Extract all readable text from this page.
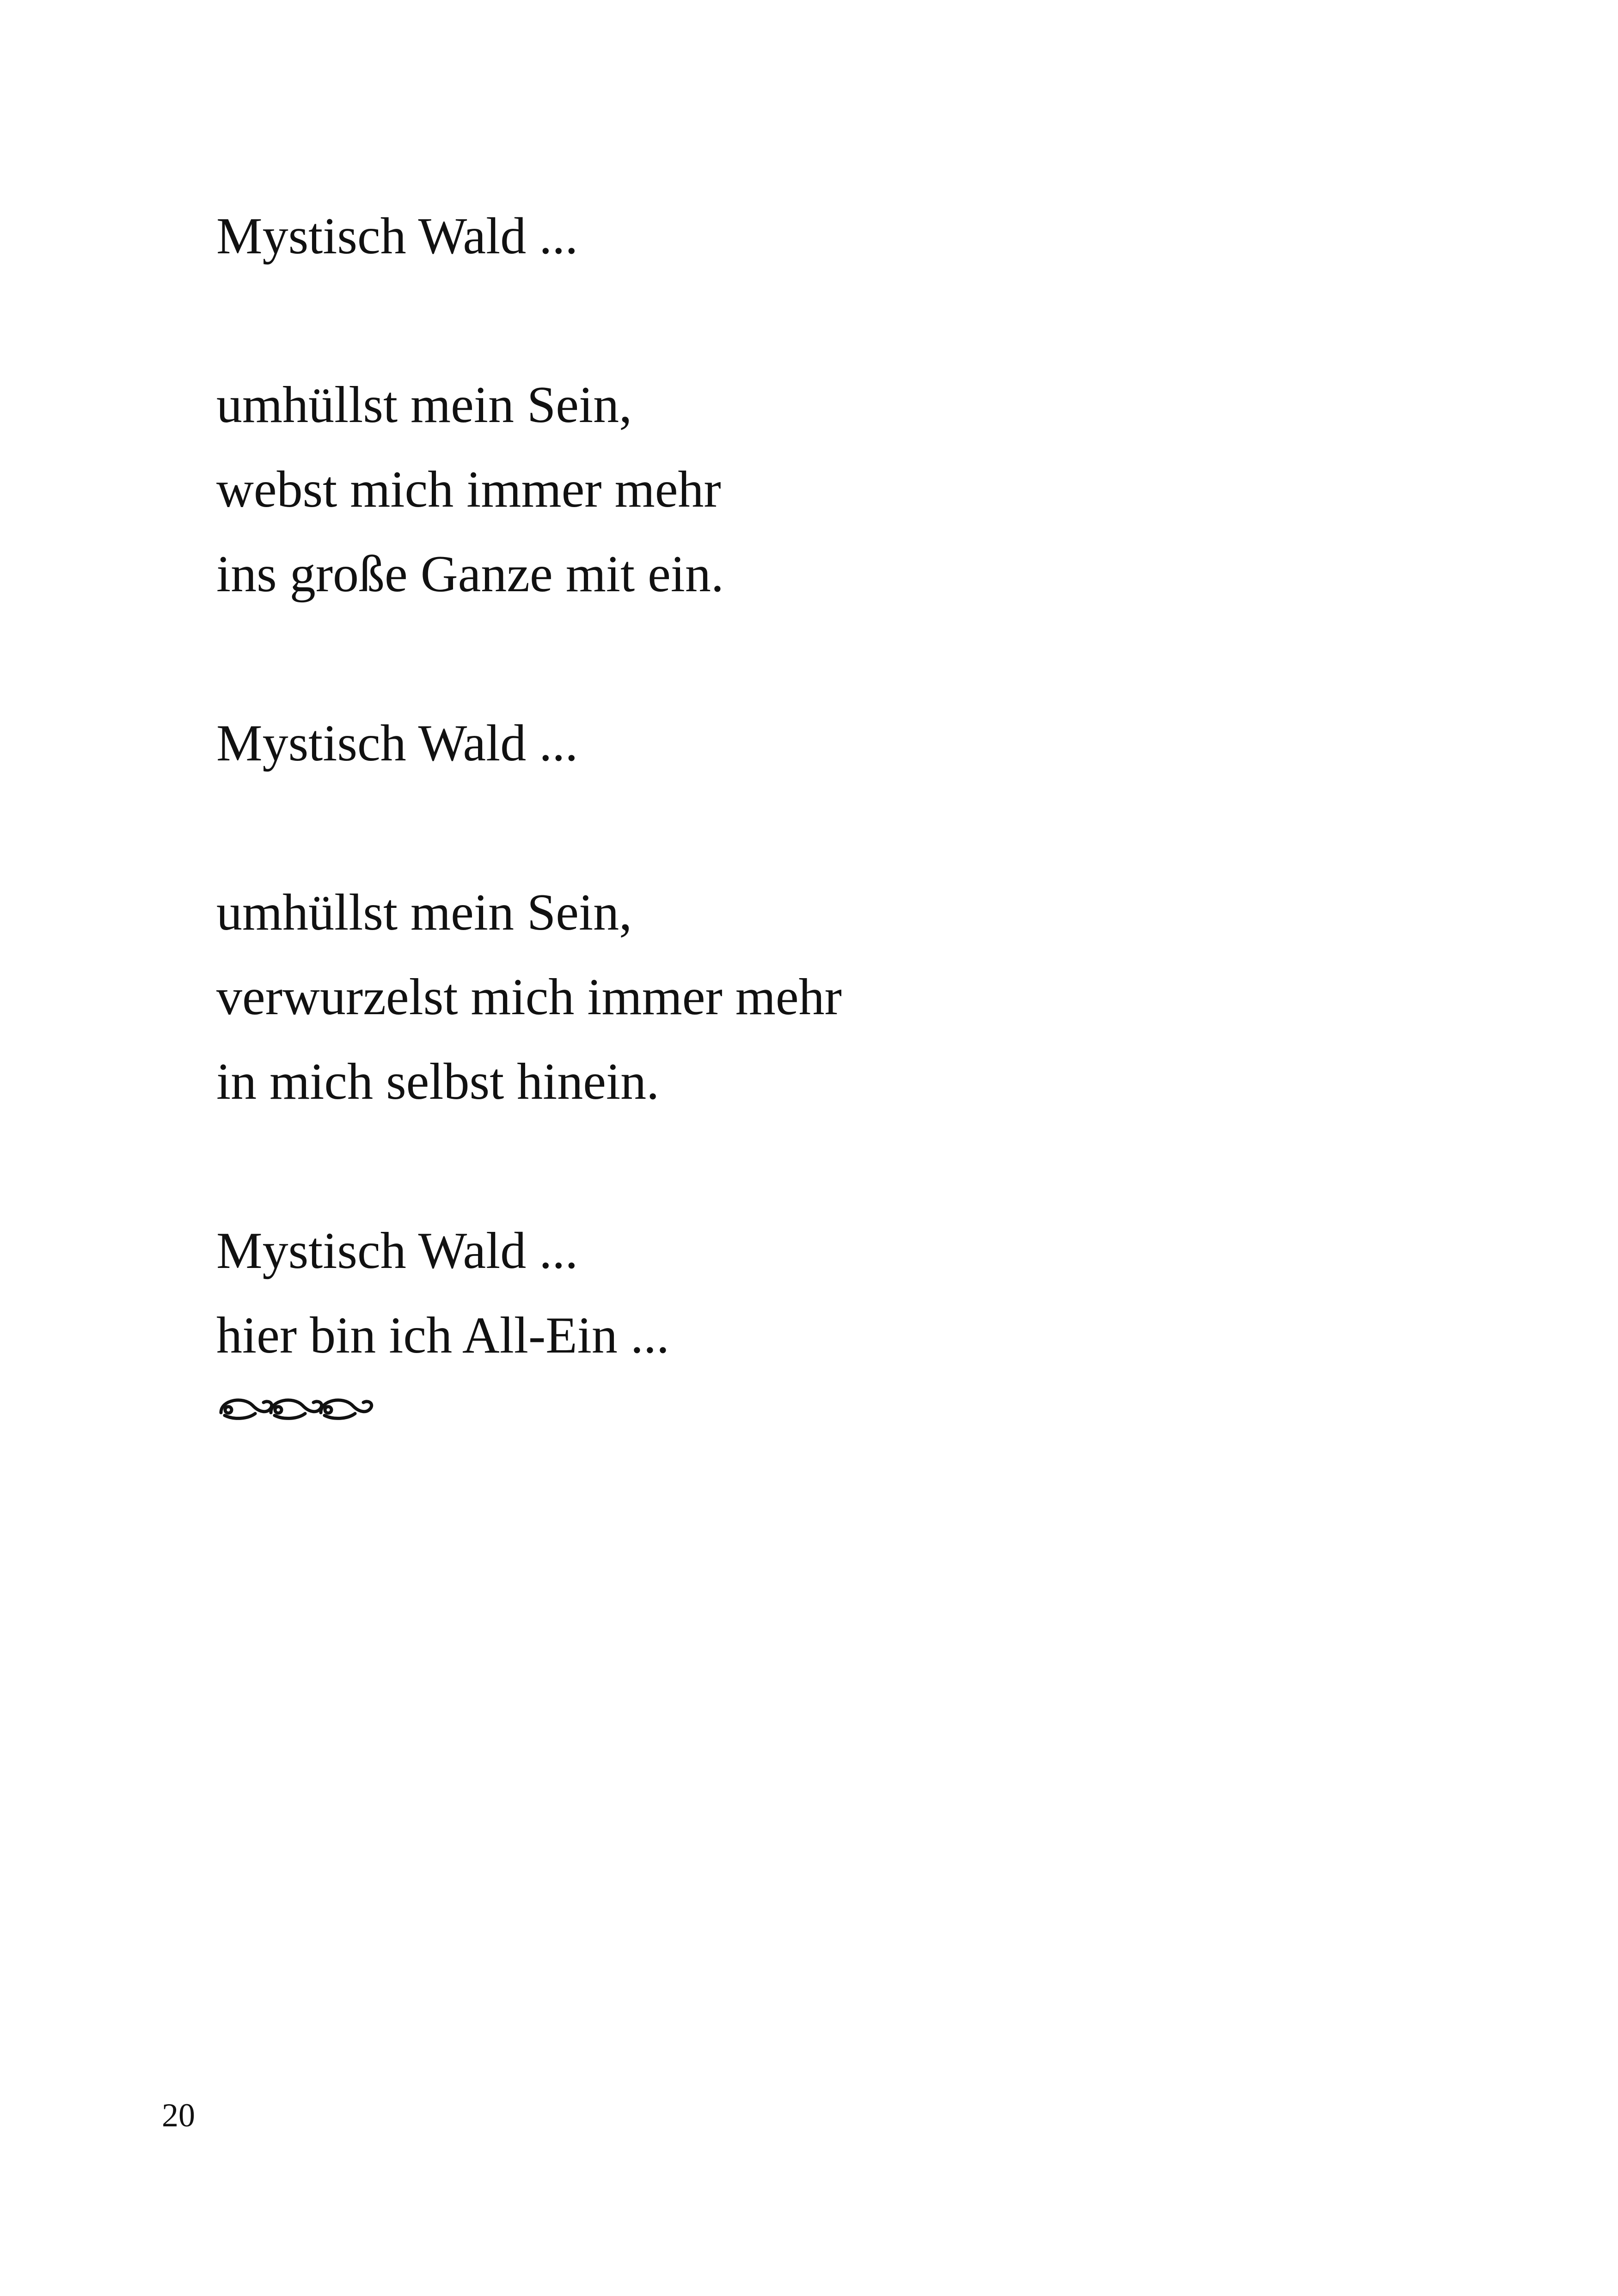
Mystisch Wald ...

umhüllst mein Sein,

webst mich immer mehr

ins große Ganze mit ein.

Mystisch Wald ...

umhüllst mein Sein,

verwurzelst mich immer mehr

in mich selbst hinein.

Mystisch Wald ...

hier bin ich All-Ein ...

20
